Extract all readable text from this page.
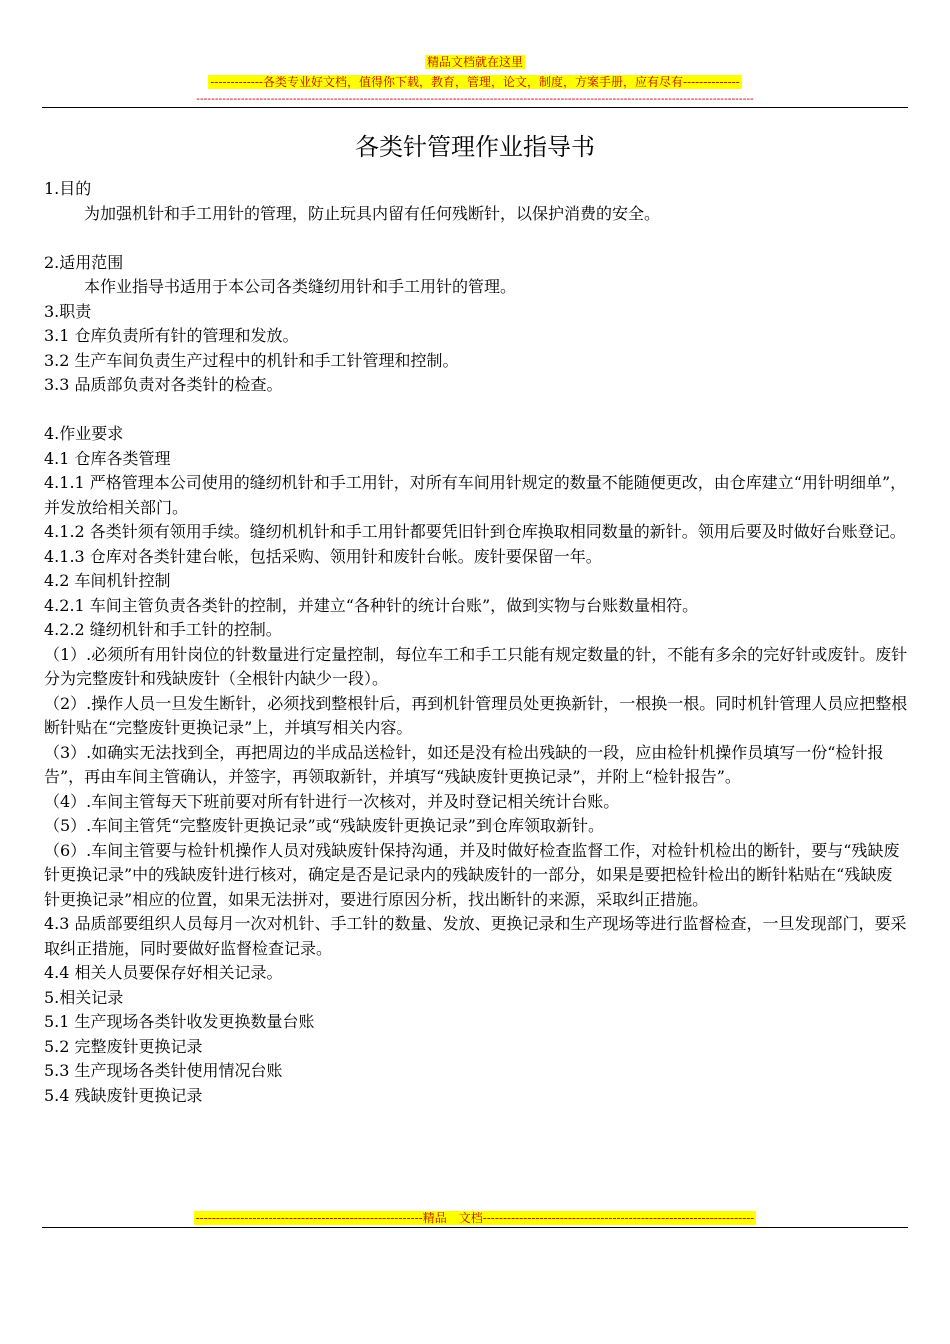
精品文档就在这里
-------------各类专业好文档，值得你下载，教育，管理，论文，制度，方案手册，应有尽有--------------
------------------------------------------------------------------------------------------------------------------------------------------------------
各类针管理作业指导书

1.目的

为加强机针和手工用针的管理，防止玩具内留有任何残断针，以保护消费的安全。

2.适用范围

本作业指导书适用于本公司各类缝纫用针和手工用针的管理。

3.职责

3.1 仓库负责所有针的管理和发放。

3.2 生产车间负责生产过程中的机针和手工针管理和控制。

3.3 品质部负责对各类针的检查。

4.作业要求

4.1 仓库各类管理

4.1.1 严格管理本公司使用的缝纫机针和手工用针，对所有车间用针规定的数量不能随便更改，由仓库建立“用针明细单”，并发放给相关部门。

4.1.2 各类针须有领用手续。缝纫机机针和手工用针都要凭旧针到仓库换取相同数量的新针。领用后要及时做好台账登记。

4.1.3 仓库对各类针建台帐，包括采购、领用针和废针台帐。废针要保留一年。

4.2 车间机针控制

4.2.1 车间主管负责各类针的控制，并建立“各种针的统计台账”，做到实物与台账数量相符。

4.2.2 缝纫机针和手工针的控制。

（1）.必须所有用针岗位的针数量进行定量控制，每位车工和手工只能有规定数量的针，不能有多余的完好针或废针。废针分为完整废针和残缺废针（全根针内缺少一段）。

（2）.操作人员一旦发生断针，必须找到整根针后，再到机针管理员处更换新针，一根换一根。同时机针管理人员应把整根断针贴在“完整废针更换记录”上，并填写相关内容。

（3）.如确实无法找到全，再把周边的半成品送检针，如还是没有检出残缺的一段，应由检针机操作员填写一份“检针报告”，再由车间主管确认，并签字，再领取新针，并填写“残缺废针更换记录”，并附上“检针报告”。

（4）.车间主管每天下班前要对所有针进行一次核对，并及时登记相关统计台账。

（5）.车间主管凭“完整废针更换记录”或“残缺废针更换记录”到仓库领取新针。

（6）.车间主管要与检针机操作人员对残缺废针保持沟通，并及时做好检查监督工作，对检针机检出的断针，要与“残缺废针更换记录”中的残缺废针进行核对，确定是否是记录内的残缺废针的一部分，如果是要把检针检出的断针粘贴在“残缺废针更换记录”相应的位置，如果无法拼对，要进行原因分析，找出断针的来源，采取纠正措施。

4.3 品质部要组织人员每月一次对机针、手工针的数量、发放、更换记录和生产现场等进行监督检查，一旦发现部门，要采取纠正措施，同时要做好监督检查记录。

4.4 相关人员要保存好相关记录。

5.相关记录

5.1 生产现场各类针收发更换数量台账

5.2 完整废针更换记录

5.3 生产现场各类针使用情况台账

5.4 残缺废针更换记录

--------------------------------------------------------精品　文档-------------------------------------------------------------------
